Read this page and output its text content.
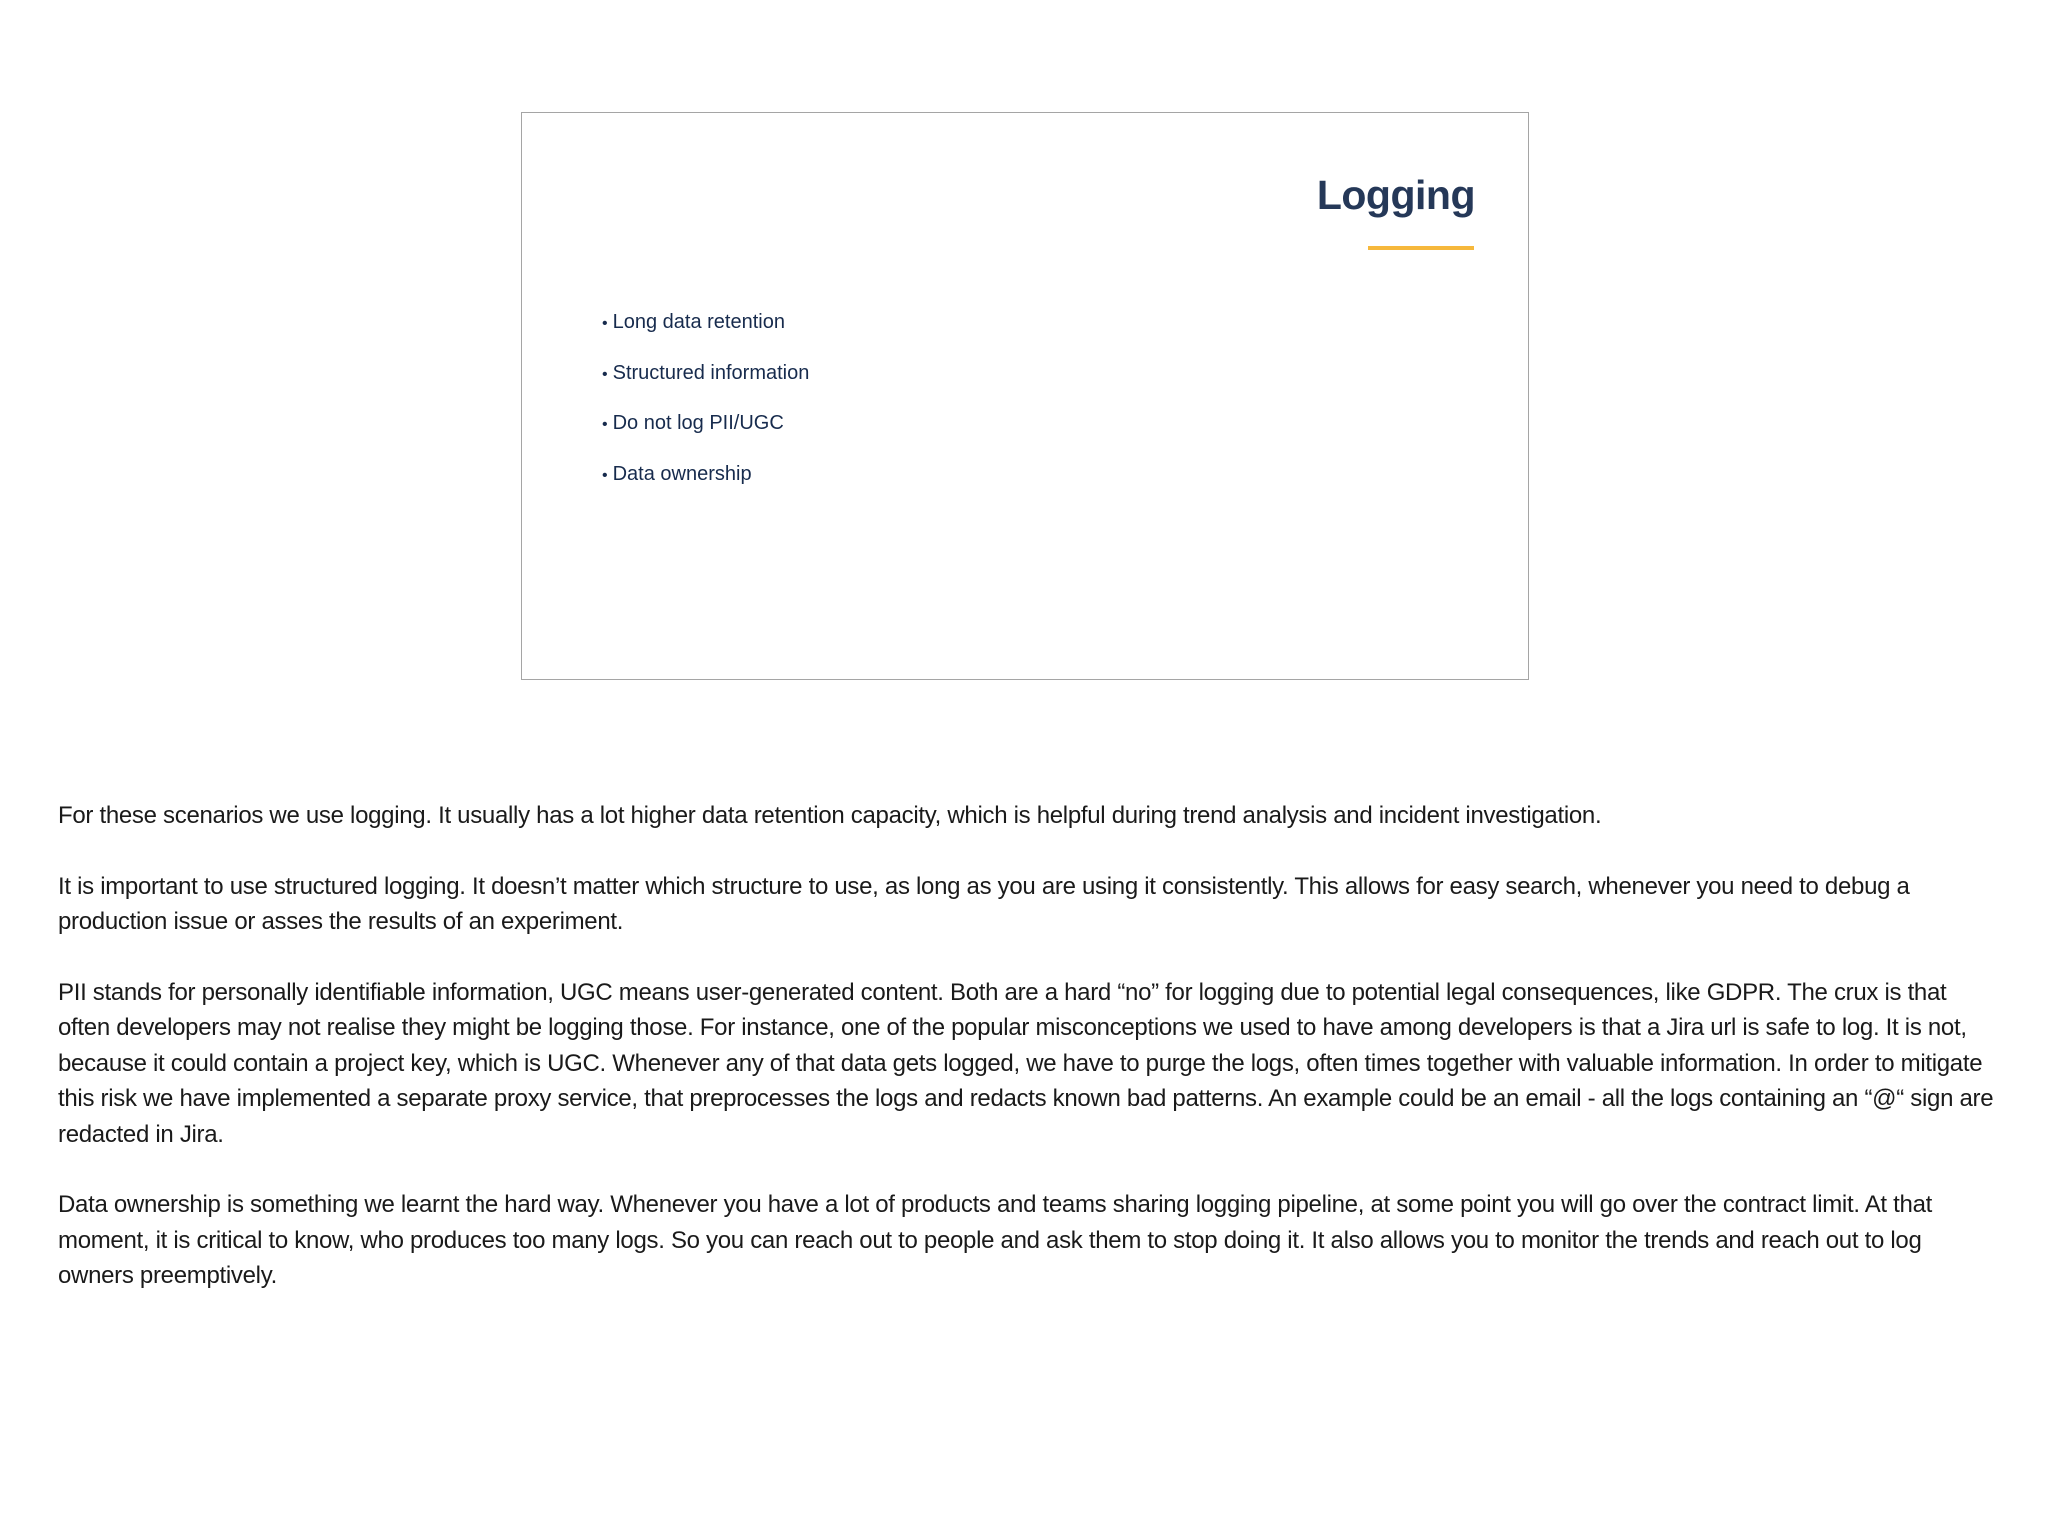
Logging
• Long data retention
• Structured information
• Do not log PII/UGC
• Data ownership

For these scenarios we use logging. It usually has a lot higher data retention capacity, which is helpful during trend analysis and incident investigation.

It is important to use structured logging. It doesn’t matter which structure to use, as long as you are using it consistently. This allows for easy search, whenever you need to debug a production issue or asses the results of an experiment.

PII stands for personally identifiable information, UGC means user-generated content. Both are a hard “no” for logging due to potential legal consequences, like GDPR. The crux is that often developers may not realise they might be logging those. For instance, one of the popular misconceptions we used to have among developers is that a Jira url is safe to log. It is not, because it could contain a project key, which is UGC. Whenever any of that data gets logged, we have to purge the logs, often times together with valuable information. In order to mitigate this risk we have implemented a separate proxy service, that preprocesses the logs and redacts known bad patterns. An example could be an email - all the logs containing an “@“ sign are redacted in Jira.

Data ownership is something we learnt the hard way. Whenever you have a lot of products and teams sharing logging pipeline, at some point you will go over the contract limit. At that moment, it is critical to know, who produces too many logs. So you can reach out to people and ask them to stop doing it. It also allows you to monitor the trends and reach out to log owners preemptively.
